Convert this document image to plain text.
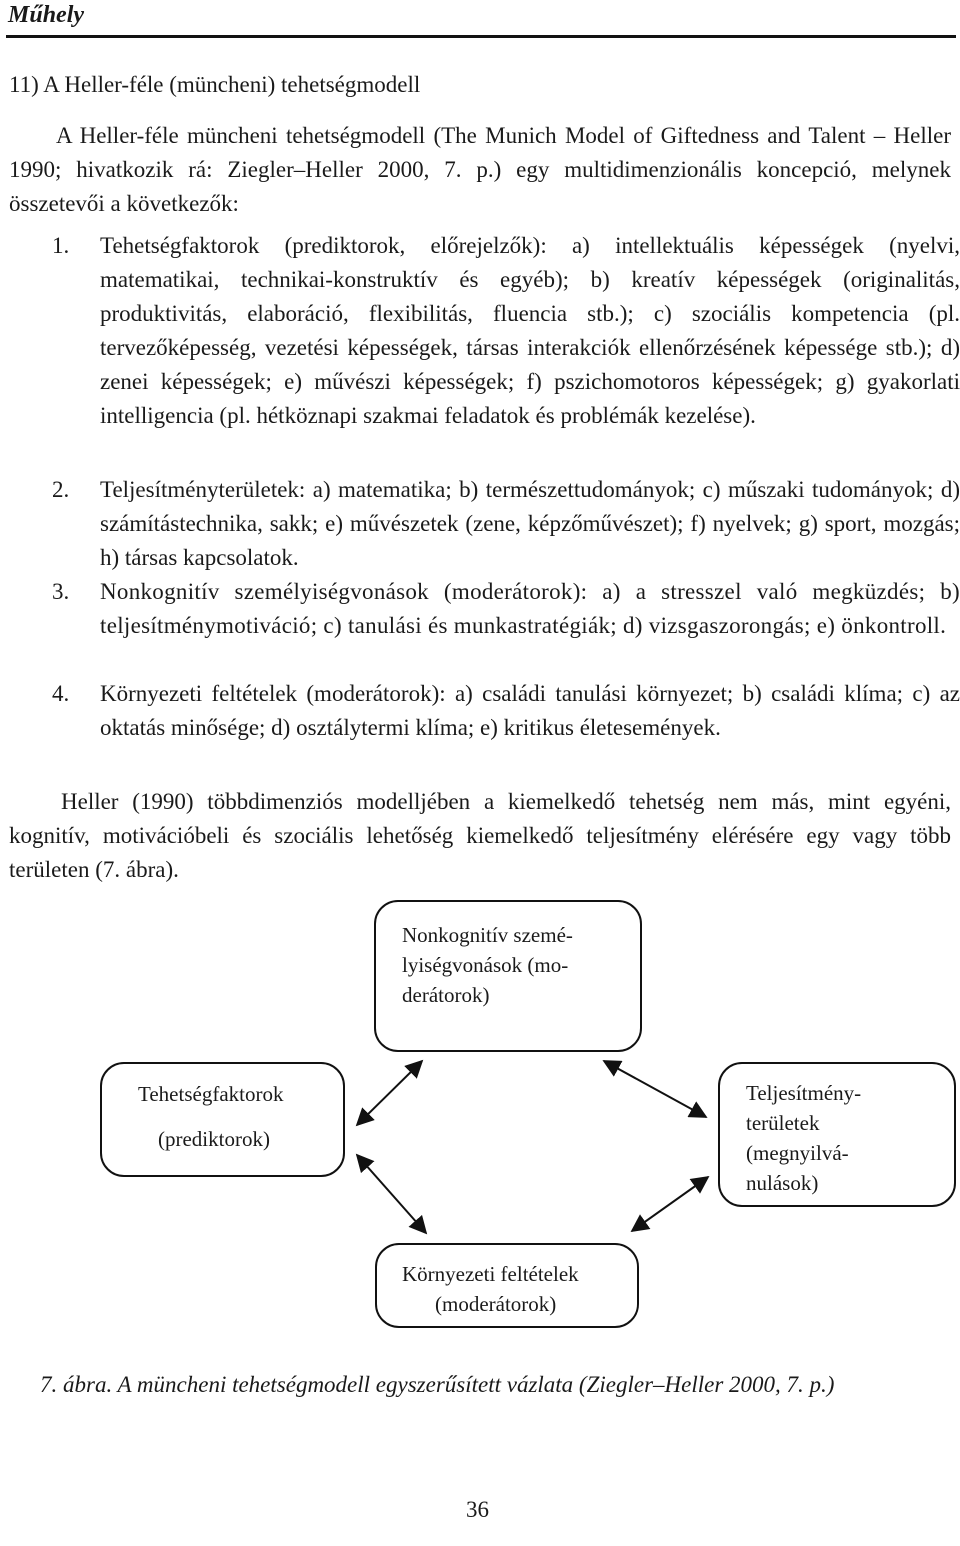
Műhely
11) A Heller-féle (müncheni) tehetségmodell
A Heller-féle müncheni tehetségmodell (The Munich Model of Giftedness and Talent – Heller 1990; hivatkozik rá: Ziegler–Heller 2000, 7. p.) egy multidimenzionális koncepció, melynek összetevői a következők:
1. Tehetségfaktorok (prediktorok, előrejelzők): a) intellektuális képességek (nyelvi, matematikai, technikai-konstruktív és egyéb); b) kreatív képességek (originalitás, produktivitás, elaboráció, flexibilitás, fluencia stb.); c) szociális kompetencia (pl. tervezőképesség, vezetési képességek, társas interakciók ellenőrzésének képessége stb.); d) zenei képességek; e) művészi képességek; f) pszichomotoros képességek; g) gyakorlati intelligencia (pl. hétköznapi szakmai feladatok és problémák kezelése).
2. Teljesítményterületek: a) matematika; b) természettudományok; c) műszaki tudományok; d) számítástechnika, sakk; e) művészetek (zene, képzőművészet); f) nyelvek; g) sport, mozgás; h) társas kapcsolatok.
3. Nonkognitív személyiségvonások (moderátorok): a) a stresszel való megküzdés; b) teljesítménymotiváció; c) tanulási és munkastratégiák; d) vizsgaszorongás; e) önkontroll.
4. Környezeti feltételek (moderátorok): a) családi tanulási környezet; b) családi klíma; c) az oktatás minősége; d) osztálytermi klíma; e) kritikus életesemények.
Heller (1990) többdimenziós modelljében a kiemelkedő tehetség nem más, mint egyéni, kognitív, motivációbeli és szociális lehetőség kiemelkedő teljesítmény elérésére egy vagy több területen (7. ábra).
Nonkognitív szemé-
lyiségvonások (mo-
derátorok)
Tehetségfaktorok
(prediktorok)
Teljesítmény-
területek
(megnyilvá-
nulások)
Környezeti feltételek
(moderátorok)
7. ábra. A müncheni tehetségmodell egyszerűsített vázlata (Ziegler–Heller 2000, 7. p.)
36
